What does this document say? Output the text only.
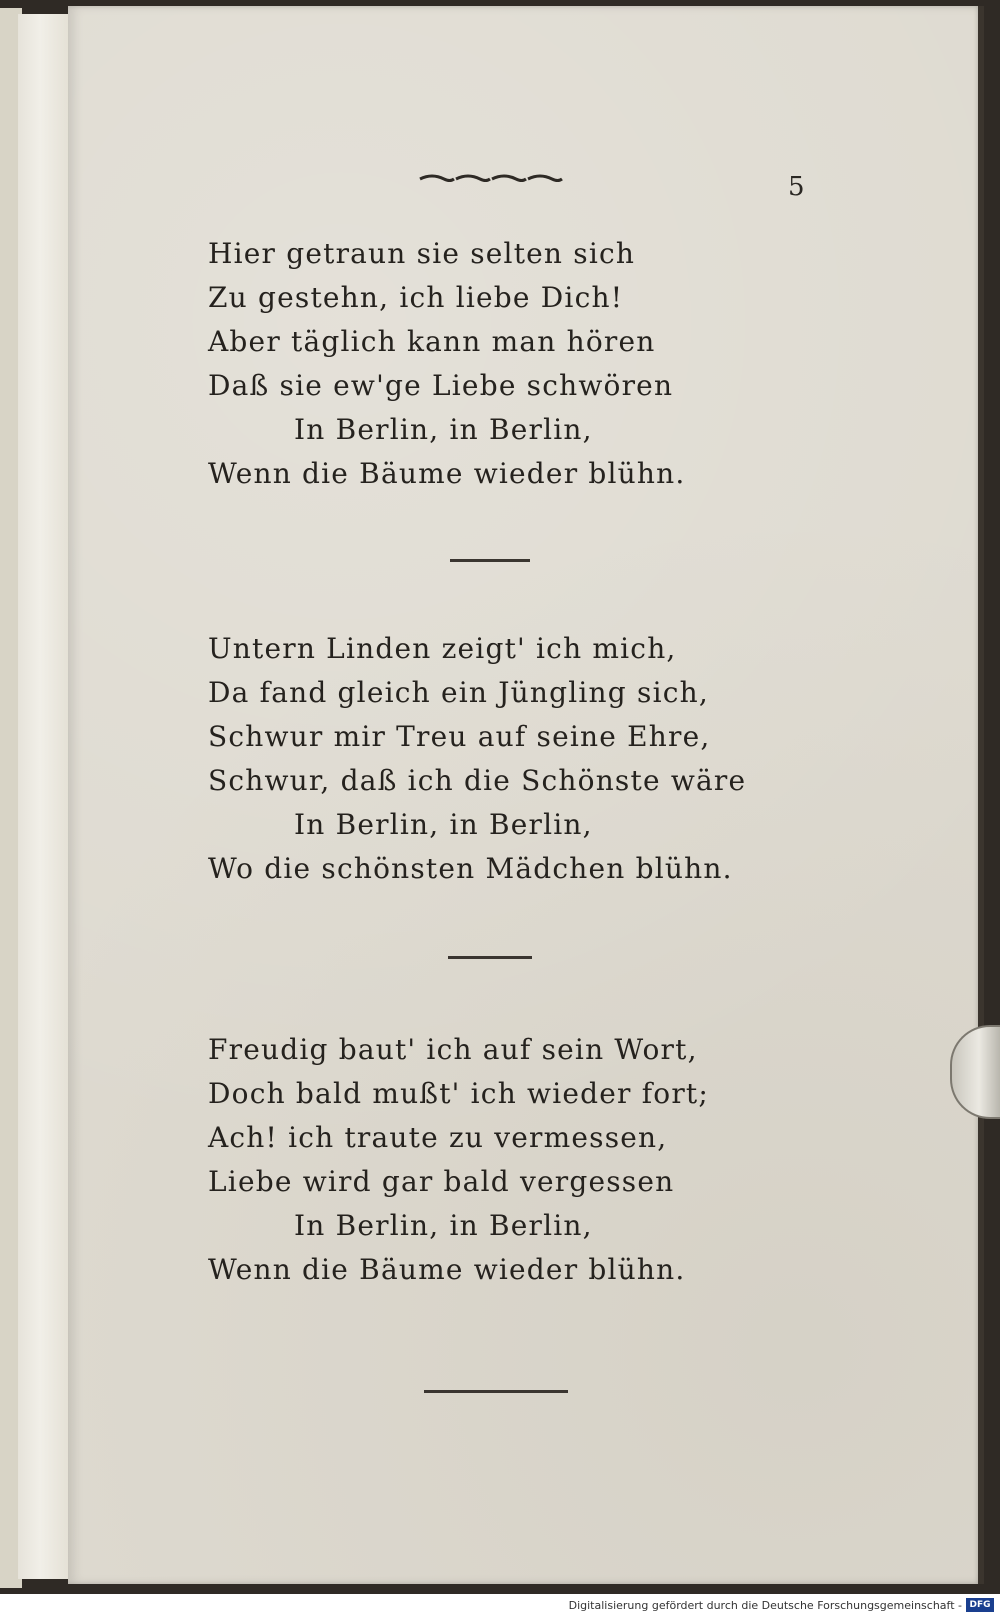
5
Hier getraun sie selten sich
Zu gestehn, ich liebe Dich!
Aber täglich kann man hören
Daß sie ew'ge Liebe schwören
In Berlin, in Berlin,
Wenn die Bäume wieder blühn.
Untern Linden zeigt' ich mich,
Da fand gleich ein Jüngling sich,
Schwur mir Treu auf seine Ehre,
Schwur, daß ich die Schönste wäre
In Berlin, in Berlin,
Wo die schönsten Mädchen blühn.
Freudig baut' ich auf sein Wort,
Doch bald mußt' ich wieder fort;
Ach! ich traute zu vermessen,
Liebe wird gar bald vergessen
In Berlin, in Berlin,
Wenn die Bäume wieder blühn.
Digitalisierung gefördert durch die Deutsche Forschungsgemeinschaft - DFG
